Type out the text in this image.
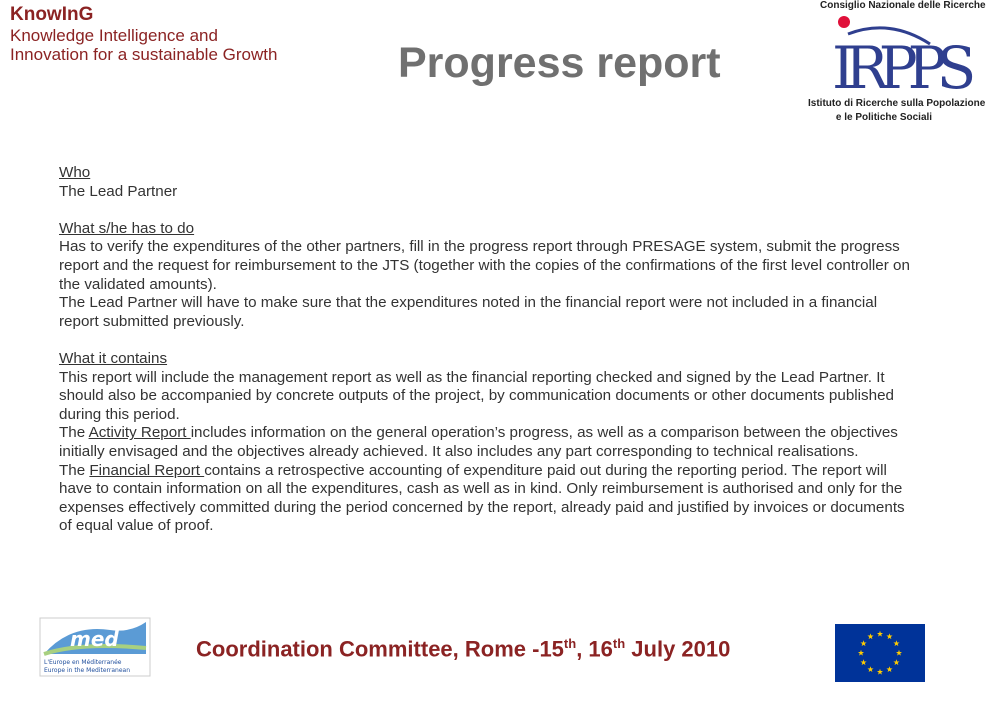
KnowInG
Knowledge Intelligence and
Innovation for a sustainable Growth	Progress report
Consiglio Nazionale delle Ricerche
IRPPS
Istituto di Ricerche sulla Popolazione
e le Politiche Sociali

Who

The Lead Partner

What s/he has to do

Has to verify the expenditures of the other partners, fill in the progress report through PRESAGE system, submit the progress report and the request for reimbursement to the JTS (together with the copies of the confirmations of the first level controller on the validated amounts).

The Lead Partner will have to make sure that the expenditures noted in the financial report were not included in a financial report submitted previously.

What it contains

This report will include the management report as well as the financial reporting checked and signed by the Lead Partner. It should also be accompanied by concrete outputs of the project, by communication documents or other documents published during this period.

The Activity Report includes information on the general operation’s progress, as well as a comparison between the objectives initially envisaged and the objectives already achieved. It also includes any part corresponding to technical realisations.

The Financial Report contains a retrospective accounting of expenditure paid out during the reporting period. The report will have to contain information on all the expenditures, cash as well as in kind. Only reimbursement is authorised and only for the expenses effectively committed during the period concerned by the report, already paid and justified by invoices or documents of equal value of proof.

med
L'Europe en Méditerranée
Europe in the Mediterranean
Coordination Committee, Rome -15th, 16th July 2010
